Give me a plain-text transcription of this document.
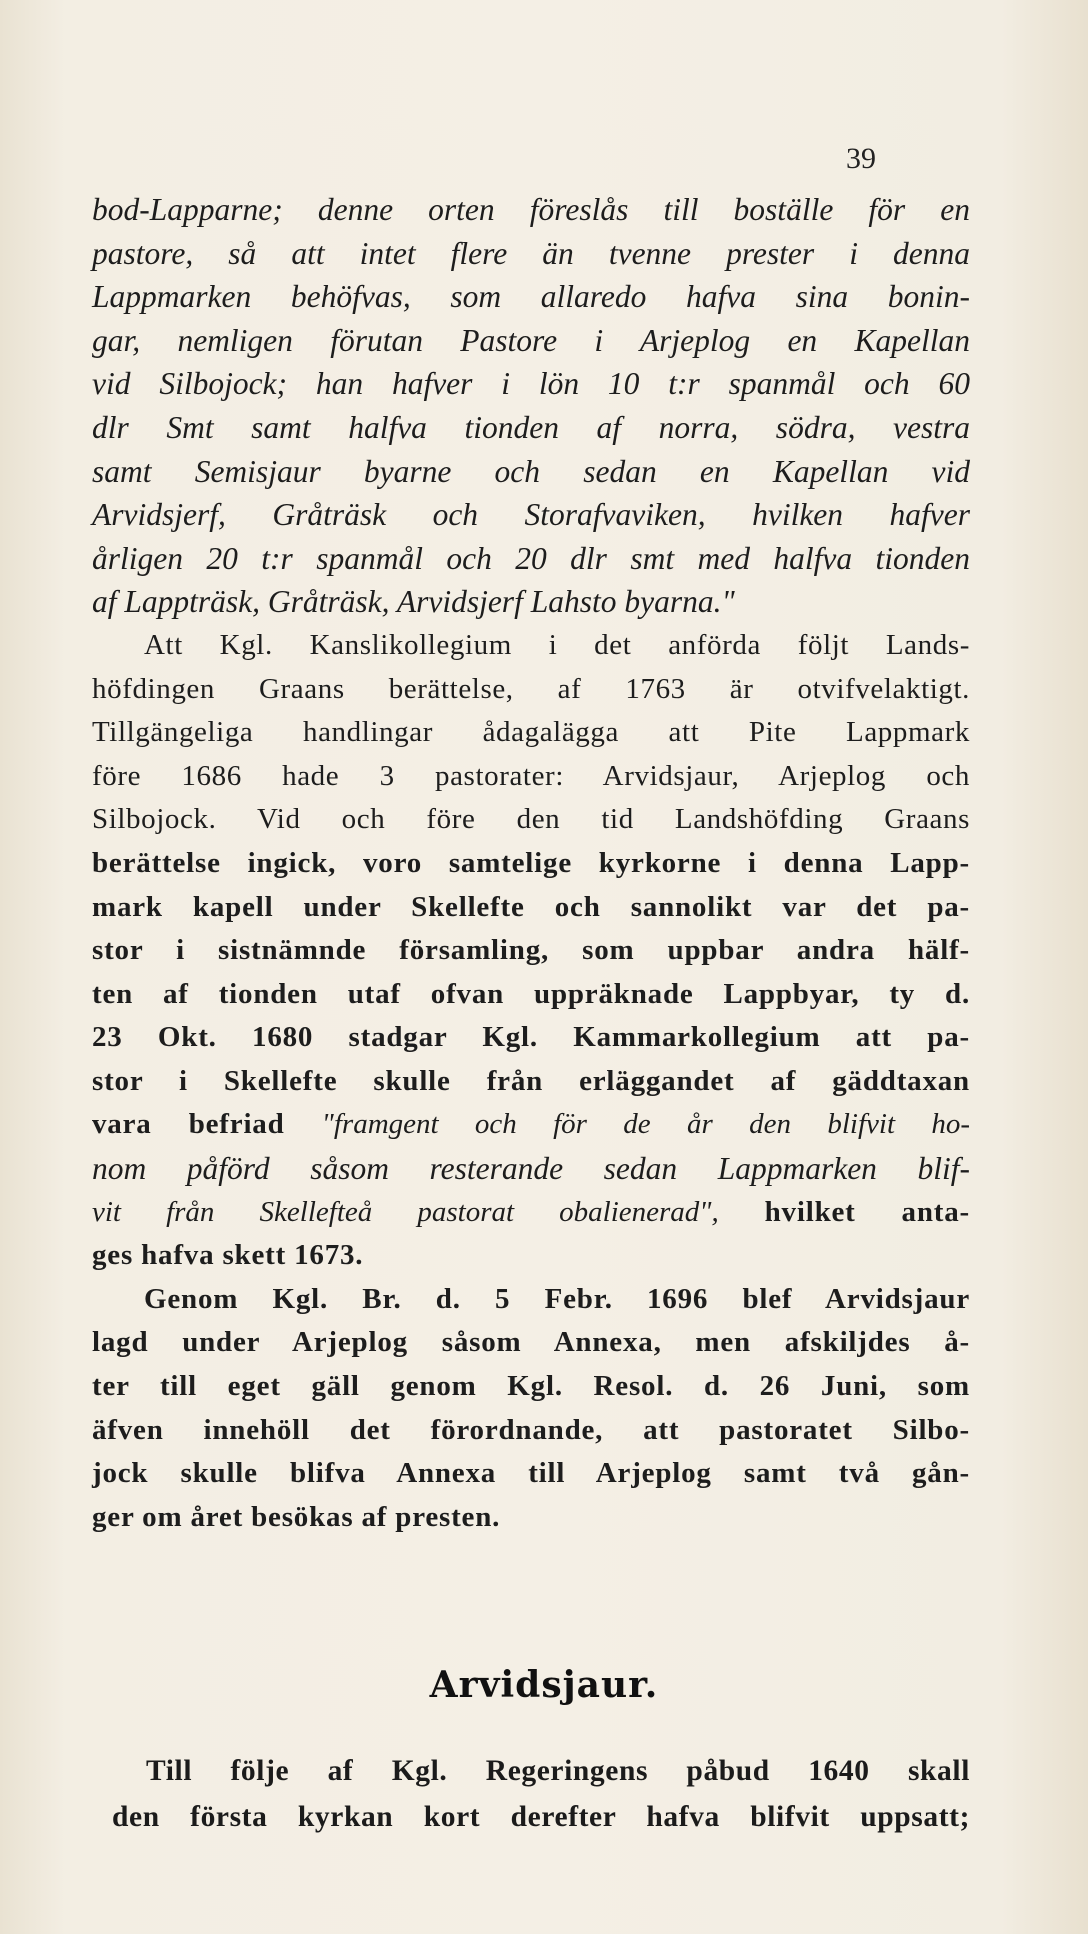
39
bod-Lapparne; denne orten föreslås till boställe för en
pastore, så att intet flere än tvenne prester i denna
Lappmarken behöfvas, som allaredo hafva sina bonin-
gar, nemligen förutan Pastore i Arjeplog en Kapellan
vid Silbojock; han hafver i lön 10 t:r spanmål och 60
dlr Smt samt halfva tionden af norra, södra, vestra
samt Semisjaur byarne och sedan en Kapellan vid
Arvidsjerf, Gråträsk och Storafvaviken, hvilken hafver
årligen 20 t:r spanmål och 20 dlr smt med halfva tionden
af Lappträsk, Gråträsk, Arvidsjerf Lahsto byarna."
Att Kgl. Kanslikollegium i det anförda följt Lands-
höfdingen Graans berättelse, af 1763 är otvifvelaktigt.
Tillgängeliga handlingar ådagalägga att Pite Lappmark
före 1686 hade 3 pastorater: Arvidsjaur, Arjeplog och
Silbojock. Vid och före den tid Landshöfding Graans
berättelse ingick, voro samtelige kyrkorne i denna Lapp-
mark kapell under Skellefte och sannolikt var det pa-
stor i sistnämnde församling, som uppbar andra hälf-
ten af tionden utaf ofvan uppräknade Lappbyar, ty d.
23 Okt. 1680 stadgar Kgl. Kammarkollegium att pa-
stor i Skellefte skulle från erläggandet af gäddtaxan
vara befriad "framgent och för de år den blifvit ho-
nom påförd såsom resterande sedan Lappmarken blif-
vit från Skellefteå pastorat obalienerad", hvilket anta-
ges hafva skett 1673.
Genom Kgl. Br. d. 5 Febr. 1696 blef Arvidsjaur
lagd under Arjeplog såsom Annexa, men afskiljdes å-
ter till eget gäll genom Kgl. Resol. d. 26 Juni, som
äfven innehöll det förordnande, att pastoratet Silbo-
jock skulle blifva Annexa till Arjeplog samt två gån-
ger om året besökas af presten.
Arvidsjaur.
Till följe af Kgl. Regeringens påbud 1640 skall
den första kyrkan kort derefter hafva blifvit uppsatt;
